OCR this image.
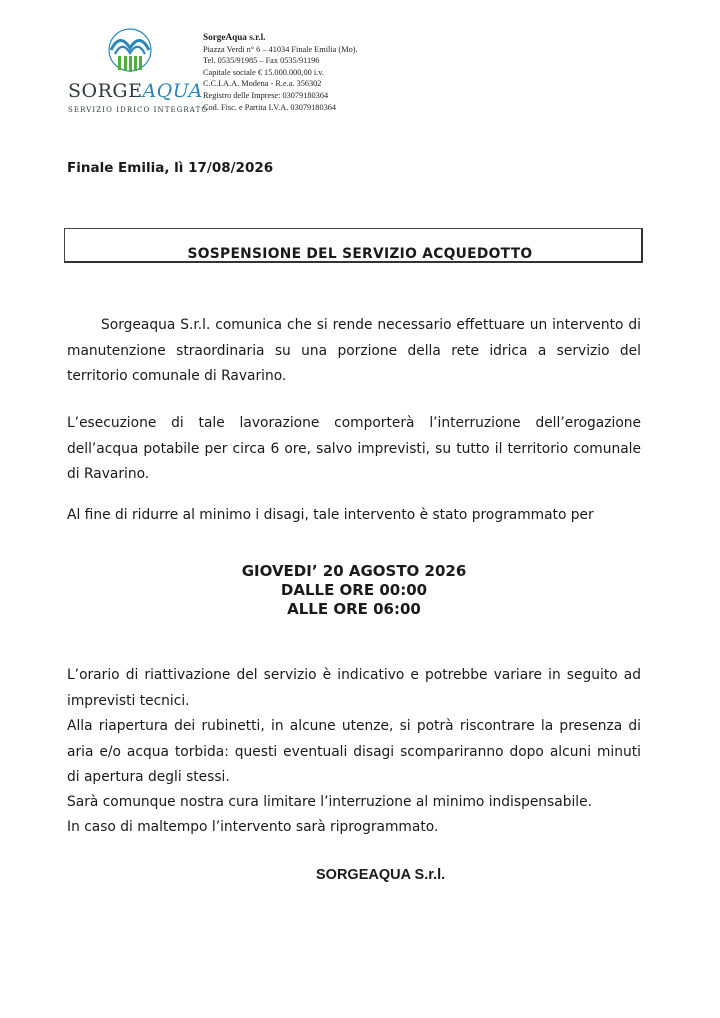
SORGEAQUA
SERVIZIO IDRICO INTEGRATO
SorgeAqua s.r.l.
Piazza Verdi n° 6 – 41034 Finale Emilia (Mo).
Tel. 0535/91985 – Fax 0535/91196
Capitale sociale € 15.000.000,00 i.v.
C.C.I.A.A. Modena - R.e.a. 356302
Registro delle Imprese: 03079180364
Cod. Fisc. e Partita I.V.A. 03079180364
Finale Emilia, lì 17/08/2026
SOSPENSIONE DEL SERVIZIO ACQUEDOTTO

Sorgeaqua S.r.l. comunica che si rende necessario effettuare un intervento di manutenzione straordinaria su una porzione della rete idrica a servizio del territorio comunale di Ravarino.

L’esecuzione di tale lavorazione comporterà l’interruzione dell’erogazione dell’acqua potabile per circa 6 ore, salvo imprevisti, su tutto il territorio comunale di Ravarino.

Al fine di ridurre al minimo i disagi, tale intervento è stato programmato per

GIOVEDI’ 20 AGOSTO 2026
DALLE ORE 00:00
ALLE ORE 06:00

L’orario di riattivazione del servizio è indicativo e potrebbe variare in seguito ad imprevisti tecnici.

Alla riapertura dei rubinetti, in alcune utenze, si potrà riscontrare la presenza di aria e/o acqua torbida: questi eventuali disagi scompariranno dopo alcuni minuti di apertura degli stessi.

Sarà comunque nostra cura limitare l’interruzione al minimo indispensabile.

In caso di maltempo l’intervento sarà riprogrammato.

SORGEAQUA S.r.l.
